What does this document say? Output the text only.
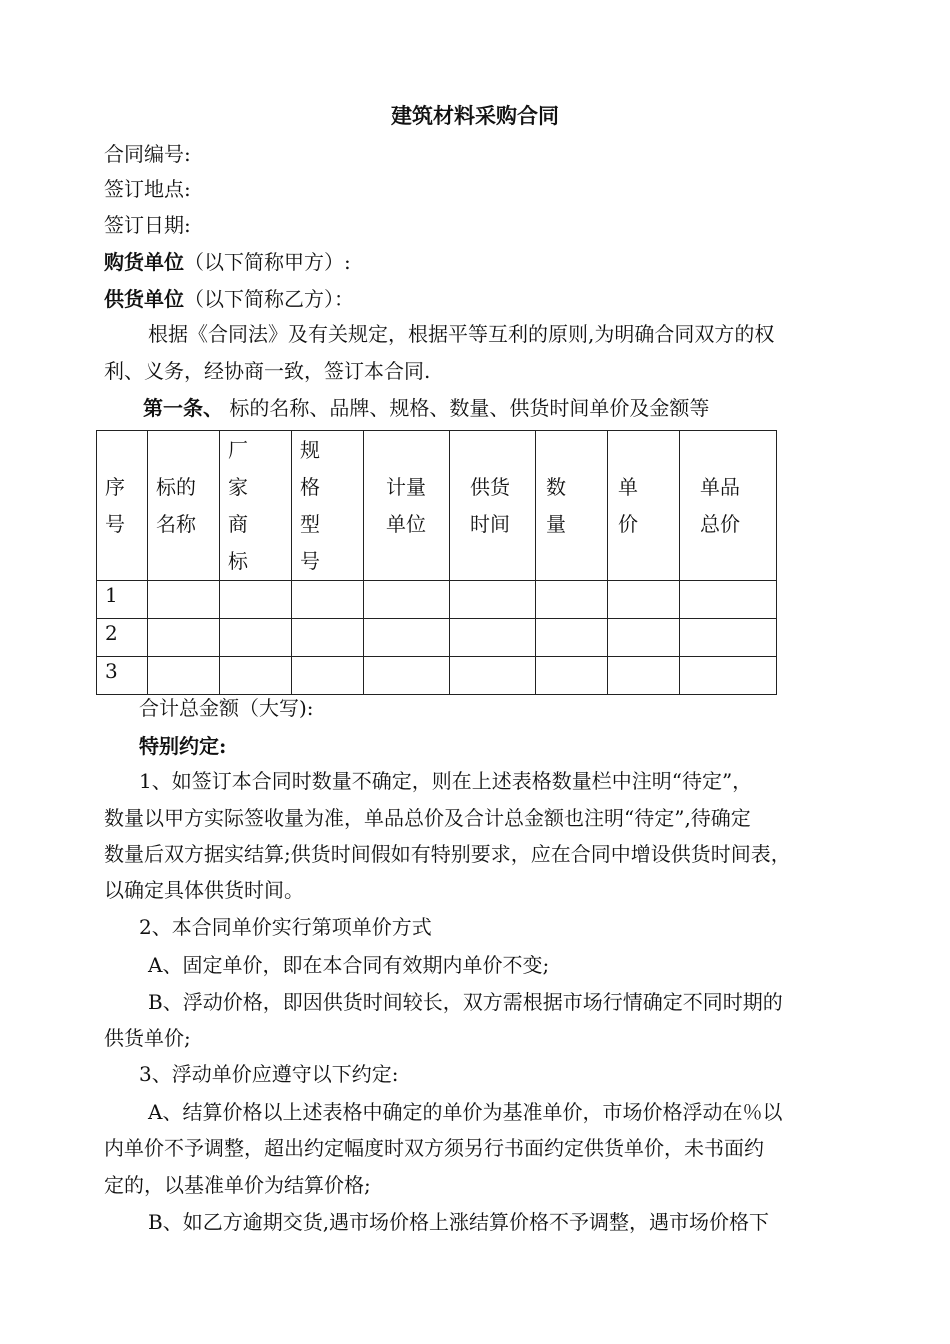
建筑材料采购合同
合同编号:
签订地点:
签订日期:
购货单位（以下简称甲方）:
供货单位（以下简称乙方）：
根据《合同法》及有关规定，根据平等互利的原则,为明确合同双方的权
利、义务，经协商一致，签订本合同.
第一条、 标的名称、品牌、规格、数量、供货时间单价及金额等
序
号	标的
名称	厂
家
商
标	规
格
型
号	计量
单位	供货
时间	数
量	单
价	单品
总价

1								
2								
3								
合计总金额（大写):
特别约定:
1、如签订本合同时数量不确定，则在上述表格数量栏中注明“待定”，
数量以甲方实际签收量为准，单品总价及合计总金额也注明“待定”,待确定
数量后双方据实结算;供货时间假如有特别要求，应在合同中增设供货时间表，
以确定具体供货时间。
2、本合同单价实行第项单价方式
A、固定单价，即在本合同有效期内单价不变;
B、浮动价格，即因供货时间较长，双方需根据市场行情确定不同时期的
供货单价;
3、浮动单价应遵守以下约定:
A、结算价格以上述表格中确定的单价为基准单价，市场价格浮动在％以
内单价不予调整，超出约定幅度时双方须另行书面约定供货单价，未书面约
定的，以基准单价为结算价格;
B、如乙方逾期交货,遇市场价格上涨结算价格不予调整，遇市场价格下
